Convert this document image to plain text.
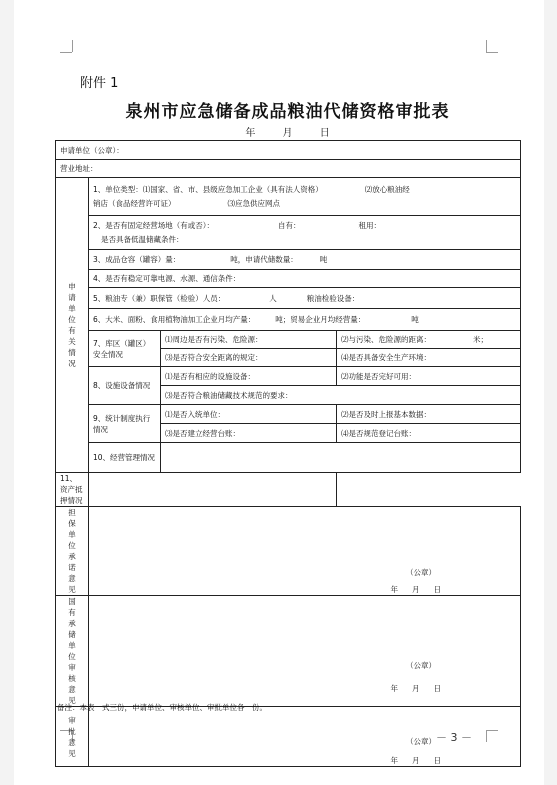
附件 1
泉州市应急储备成品粮油代储资格审批表
年	月	日
申请单位（公章）：			
营业地址：			

申请单位有关情况	1、单位类型：⑴国家、省、市、县级应急加工企业（具有法人资格） ⑵放心粮油经
销店（食品经营许可证） ⑶应急供应网点		

	2、是否有固定经营场地（有或否）： 自有： 租用：
是否具备低温储藏条件：		

	3、成品仓容（罐容）量： 吨，申请代储数量： 吨		
	4、是否有稳定可靠电源、水源、通信条件：		
	5、粮油专（兼）职保管（检验）人员： 人 粮油检验设备：		
	6、大米、面粉、食用植物油加工企业月均产量： 吨；贸易企业月均经营量： 吨		
	7、库区（罐区）安全情况	⑴周边是否有污染、危险源：	⑵与污染、危险源的距离： 米；
		⑶是否符合安全距离的规定：	⑷是否具备安全生产环境：
	8、设施设备情况	⑴是否有相应的设施设备：	⑵功能是否完好可用：
		⑶是否符合粮油储藏技术规范的要求：	
	9、统计制度执行情况	⑴是否入统单位：	⑵是否及时上报基本数据：
		⑶是否建立经营台账：	⑷是否规范登记台账：
	10、经营管理情况		
11、资产抵押情况			

担保单位承诺意见	（公章）
年 月 日		

国有承储单位审核意见	（公章）
年 月 日		

审批意见	（公章）
年 月 日		
备注：本表一式三份，申请单位、审核单位、审批单位各一份。
－ 3 －
